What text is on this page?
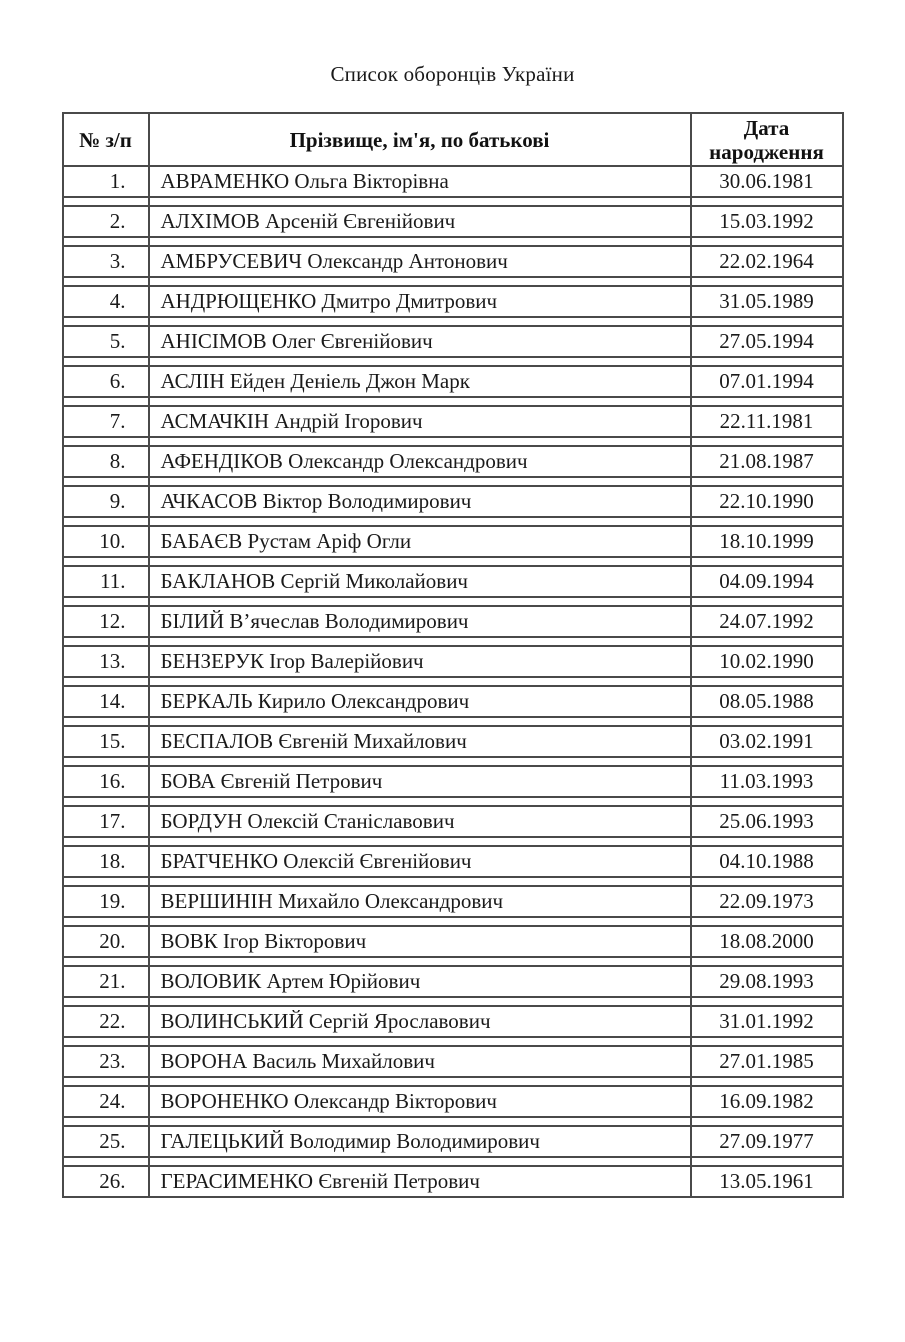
Список оборонців України
№ з/п	Прізвище, ім'я, по батькові	Дата народження
1.	АВРАМЕНКО Ольга Вікторівна	30.06.1981

2.	АЛХІМОВ Арсеній Євгенійович	15.03.1992

3.	АМБРУСЕВИЧ Олександр Антонович	22.02.1964

4.	АНДРЮЩЕНКО Дмитро Дмитрович	31.05.1989

5.	АНІСІМОВ Олег Євгенійович	27.05.1994

6.	АСЛІН Ейден Деніель Джон Марк	07.01.1994

7.	АСМАЧКІН Андрій Ігорович	22.11.1981

8.	АФЕНДІКОВ Олександр Олександрович	21.08.1987

9.	АЧКАСОВ Віктор Володимирович	22.10.1990

10.	БАБАЄВ Рустам Аріф Огли	18.10.1999

11.	БАКЛАНОВ Сергій Миколайович	04.09.1994

12.	БІЛИЙ В’ячеслав Володимирович	24.07.1992

13.	БЕНЗЕРУК Ігор Валерійович	10.02.1990

14.	БЕРКАЛЬ Кирило Олександрович	08.05.1988

15.	БЕСПАЛОВ Євгеній Михайлович	03.02.1991

16.	БОВА Євгеній Петрович	11.03.1993

17.	БОРДУН Олексій Станіславович	25.06.1993

18.	БРАТЧЕНКО Олексій Євгенійович	04.10.1988

19.	ВЕРШИНІН Михайло Олександрович	22.09.1973

20.	ВОВК Ігор Вікторович	18.08.2000

21.	ВОЛОВИК Артем Юрійович	29.08.1993

22.	ВОЛИНСЬКИЙ Сергій Ярославович	31.01.1992

23.	ВОРОНА Василь Михайлович	27.01.1985

24.	ВОРОНЕНКО Олександр Вікторович	16.09.1982

25.	ГАЛЕЦЬКИЙ Володимир Володимирович	27.09.1977

26.	ГЕРАСИМЕНКО Євгеній Петрович	13.05.1961
